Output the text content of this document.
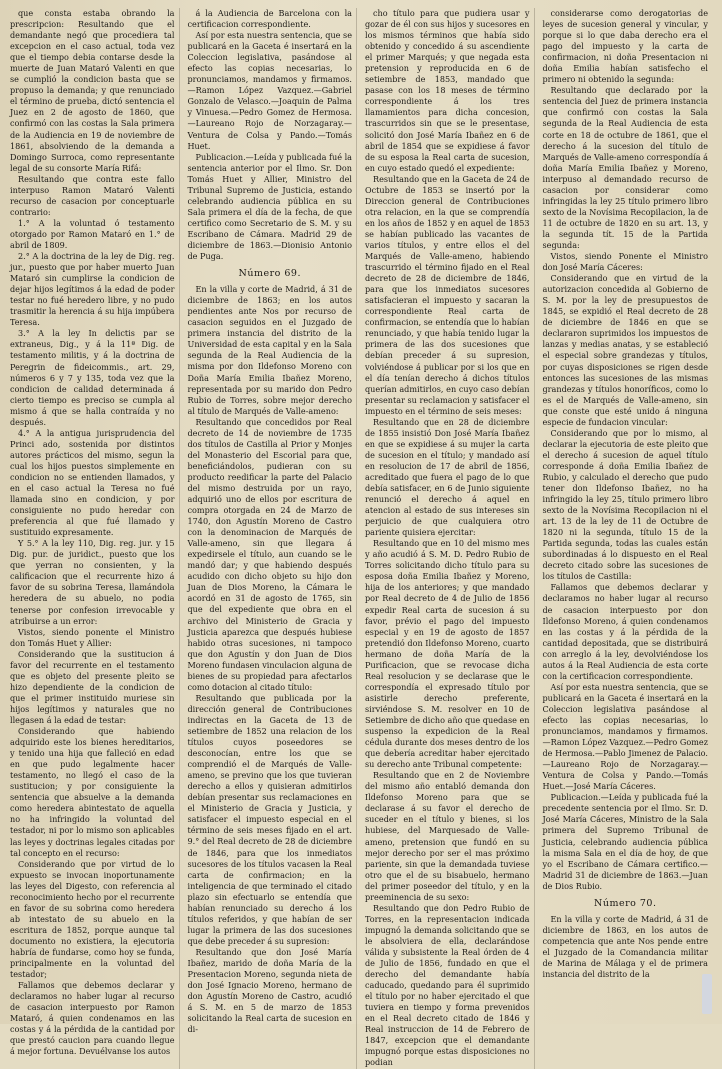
que consta estaba obrando la prescripcion: Resultando que el demandante negó que procediera tal excepcion en el caso actual, toda vez que el tiempo debia contarse desde la muerte de Juan Mataró Valenti en que se cumplió la condicion basta que se propuso la demanda; y que renunciado el término de prueba, dictó sentencia el Juez en 2 de agosto de 1860, que confirmó con las costas la Sala primera de la Audiencia en 19 de noviembre de 1861, absolviendo de la demanda a Domingo Surroca, como representante legal de su consorte María Rifá:

Resultando que contra este fallo interpuso Ramon Mataró Valenti recurso de casacion por conceptuarle contrario:

1.° A la voluntad ó testamento otorgado por Ramon Mataró en 1.° de abril de 1809.

2.° A la doctrina de la ley de Dig. reg. jur., puesto que por haber muerto Juan Mataró sin cumplirse la condicion de dejar hijos legítimos á la edad de poder testar no fué heredero libre, y no pudo trasmitir la herencia á su hija impúbera Teresa.

3.° A la ley In delictis par se extraneus, Dig., y á la 11ª Dig. de testamento militis, y á la doctrina de Peregrin de fideicommis., art. 29, números 6 y 7 y 135, toda vez que la condicion de calidad determinada á cierto tiempo es preciso se cumpla al mismo á que se halla contraída y no después.

4.° A la antigua jurisprudencia del Princi ado, sostenida por distintos autores prácticos del mismo, segun la cual los hijos puestos simplemente en condicion no se entienden llamados, y en el caso actual la Teresa no fué llamada sino en condicion, y por consiguiente no pudo heredar con preferencia al que fué llamado y sustituido expresamente.

Y 5.° A la ley 110, Dig. reg. jur. y 15 Dig. pur. de juridict., puesto que los que yerran no consienten, y la calificacion que el recurrente hizo á favor de su sobrina Teresa, llamándola heredera de su abuelo, no podia tenerse por confesion irrevocable y atribuirse a un error:

Vistos, siendo ponente el Ministro don Tomás Huet y Allier:

Considerando que la sustitucion á favor del recurrente en el testamento que es objeto del presente pleito se hizo dependiente de la condicion de que el primer instituido muriese sin hijos legítimos y naturales que no llegasen á la edad de testar:

Considerando que habiendo adquirido este los bienes hereditarios, y tenido una hija que falleció en edad en que pudo legalmente hacer testamento, no llegó el caso de la sustitucion; y por consiguiente la sentencia que absuelve a la demanda como heredera abintestato de aquella no ha infringido la voluntad del testador, ni por lo mismo son aplicables las leyes y doctrinas legales citadas por tal concepto en el recurso:

Considerando que por virtud de lo expuesto se invocan inoportunamente las leyes del Digesto, con referencia al reconocimiento hecho por el recurrente en favor de su sobrina como heredera ab intestato de su abuelo en la escritura de 1852, porque aunque tal documento no existiera, la ejecutoria habría de fundarse, como hoy se funda, principalmente en la voluntad del testador;

Fallamos que debemos declarar y declaramos no haber lugar al recurso de casacion interpuesto por Ramon Mataró, á quien condenamos en las costas y á la pérdida de la cantidad por que prestó caucion para cuando llegue á mejor fortuna. Devuélvanse los autos

á la Audiencia de Barcelona con la certificacion correspondiente.

Así por esta nuestra sentencia, que se publicará en la Gaceta é insertará en la Coleccion legislativa, pasándose al efecto las copias necesarias, lo pronunciamos, mandamos y firmamos.—Ramon López Vazquez.—Gabriel Gonzalo de Velasco.—Joaquin de Palma y Vinuesa.—Pedro Gomez de Hermosa.—Laureano Rojo de Norzagaray.—Ventura de Colsa y Pando.—Tomás Huet.

Publicacion.—Leída y publicada fué la sentencia anterior por el Ilmo. Sr. Don Tomás Huet y Allier, Ministro del Tribunal Supremo de Justicia, estando celebrando audiencia pública en su Sala primera el día de la fecha, de que certifico como Secretario de S. M. y su Escribano de Cámara. Madrid 29 de diciembre de 1863.—Dionisio Antonio de Puga.

Número 69.

En la villa y corte de Madrid, á 31 de diciembre de 1863; en los autos pendientes ante Nos por recurso de casacion seguidos en el Juzgado de primera instancia del distrito de la Universidad de esta capital y en la Sala segunda de la Real Audiencia de la misma por don Ildefonso Moreno con Doña María Emilia Ibañez Moreno, representada por su marido don Pedro Rubio de Torres, sobre mejor derecho al título de Marqués de Valle-ameno:

Resultando que concedidos por Real decreto de 14 de noviembre de 1735 dos títulos de Castilla al Prior y Monjes del Monasterio del Escorial para que, beneficiándolos, pudieran con su producto reedificar la parte del Palacio del mismo destruida por un rayo, adquirió uno de ellos por escritura de compra otorgada en 24 de Marzo de 1740, don Agustín Moreno de Castro con la denominacion de Marqués de Valle-ameno, sin que llegara á expedirsele el título, aun cuando se le mandó dar; y que habiendo después acudido con dicho objeto su hijo don Juan de Dios Moreno, la Cámara le acordó en 31 de agosto de 1765, sin que del expediente que obra en el archivo del Ministerio de Gracia y Justicia aparezca que después hubiese habido otras sucesiones, ni tampoco que don Agustín y don Juan de Dios Moreno fundasen vinculacion alguna de bienes de su propiedad para afectarlos como dotacion al citado título:

Resultando que publicada por la dirección general de Contribuciones indirectas en la Gaceta de 13 de setiembre de 1852 una relacion de los títulos cuyos poseedores se desconocían, entre los que se comprendió el de Marqués de Valle-ameno, se previno que los que tuvieran derecho a ellos y quisieran admitirlos debían presentar sus reclamaciones en el Ministerio de Gracia y Justicia, y satisfacer el impuesto especial en el término de seis meses fijado en el art. 9.° del Real decreto de 28 de diciembre de 1846, para que los inmediatos sucesores de los títulos vacasen la Real carta de confirmacion; en la inteligencia de que terminado el citado plazo sin efectuarlo se entendía que habían renunciado su derecho á los títulos referidos, y que habían de ser lugar la primera de las dos sucesiones que debe preceder á su supresion:

Resultando que don José María Ibañez, marido de doña María de la Presentacion Moreno, segunda nieta de don José Ignacio Moreno, hermano de don Agustín Moreno de Castro, acudió á S. M. en 5 de marzo de 1853 solicitando la Real carta de sucesion en di-

cho título para que pudiera usar y gozar de él con sus hijos y sucesores en los mismos términos que había sido obtenido y concedido á su ascendiente el primer Marqués; y que negada esta pretension y reproducida en 6 de setiembre de 1853, mandado que pasase con los 18 meses de término correspondiente á los tres llamamientos para dicha concesion, trascurridos sin que se le presentase, solicitó don José María Ibañez en 6 de abril de 1854 que se expidiese á favor de su esposa la Real carta de sucesion, en cuyo estado quedó el expediente:

Resultando que en la Gaceta de 24 de Octubre de 1853 se insertó por la Direccion general de Contribuciones otra relacion, en la que se comprendía en los años de 1852 y en aquel de 1853 se habían publicado las vacantes de varios títulos, y entre ellos el del Marqués de Valle-ameno, habiendo trascurrido el término fijado en el Real decreto de 28 de diciembre de 1846, para que los inmediatos sucesores satisfacieran el impuesto y sacaran la correspondiente Real carta de confirmacion, se entendía que lo habían renunciado, y que había tenido lugar la primera de las dos sucesiones que debían preceder á su supresion, volviéndose á publicar por si los que en el día tenían derecho á dichos títulos querían admitirlos, en cuyo caso debían presentar su reclamacion y satisfacer el impuesto en el término de seis meses:

Resultando que en 28 de diciembre de 1855 insistió Don José María Ibañez en que se expidiese á su mujer la carta de sucesion en el título; y mandado así en resolucion de 17 de abril de 1856, acreditado que fuera el pago de lo que debía satisfacer, en 6 de Junio siguiente renunció el derecho á aquel en atencion al estado de sus intereses sin perjuicio de que cualquiera otro pariente quisiera ejercitar:

Resultando que en 10 del mismo mes y año acudió á S. M. D. Pedro Rubio de Torres solicitando dicho título para su esposa doña Emilia Ibañez y Moreno, hija de los anteriores; y que mandado por Real decreto de 4 de Julio de 1856 expedir Real carta de sucesion á su favor, prévio el pago del impuesto especial y en 19 de agosto de 1857 pretendió don Ildefonso Moreno, cuarto hermano de doña María de la Purificacion, que se revocase dicha Real resolucion y se declarase que le correspondía el expresado título por asistirle derecho preferente, sirviéndose S. M. resolver en 10 de Setiembre de dicho año que quedase en suspenso la expedicion de la Real cédula durante dos meses dentro de los que debería acreditar haber ejercitado su derecho ante Tribunal competente:

Resultando que en 2 de Noviembre del mismo año entabló demanda don Ildefonso Moreno para que se declarase á su favor el derecho de suceder en el título y bienes, si los hubiese, del Marquesado de Valle-ameno, pretension que fundó en su mejor derecho por ser el mas próximo pariente, sin que la demandada tuviese otro que el de su bisabuelo, hermano del primer poseedor del título, y en la preeminencia de su sexo:

Resultando que don Pedro Rubio de Torres, en la representacion indicada impugnó la demanda solicitando que se le absolviera de ella, declarándose válida y subsistente la Real órden de 4 de Julio de 1856, fundado en que el derecho del demandante había caducado, quedando para él suprimido el título por no haber ejercitado el que tuviera en tiempo y forma prevenidos en el Real decreto citado de 1846 y Real instruccion de 14 de Febrero de 1847, excepcion que el demandante impugnó porque estas disposiciones no podian

considerarse como derogatorias de leyes de sucesion general y vincular, y porque si lo que daba derecho era el pago del impuesto y la carta de confirmacion, ni doña Presentacion ni doña Emilia habían satisfecho el primero ni obtenido la segunda:

Resultando que declarado por la sentencia del Juez de primera instancia que confirmó con costas la Sala segunda de la Real Audiencia de esta corte en 18 de octubre de 1861, que el derecho á la sucesion del título de Marqués de Valle-ameno correspondía á doña María Emilia Ibañez y Moreno, interpuso al demandado recurso de casacion por considerar como infringidas la ley 25 título primero libro sexto de la Novísima Recopilacion, la de 11 de octubre de 1820 en su art. 13, y la segunda tít. 15 de la Partida segunda:

Vistos, siendo Ponente el Ministro don José María Cáceres:

Considerando que en virtud de la autorizacion concedida al Gobierno de S. M. por la ley de presupuestos de 1845, se expidió el Real decreto de 28 de diciembre de 1846 en que se declararon suprimidos los impuestos de lanzas y medias anatas, y se estableció el especial sobre grandezas y títulos, por cuyas disposiciones se rigen desde entonces las sucesiones de las mismas grandezas y títulos honoríficos, como lo es el de Marqués de Valle-ameno, sin que conste que esté unido á ninguna especie de fundacion vincular:

Considerando que por lo mismo, al declarar la ejecutoria de este pleito que el derecho á sucesion de aquel título corresponde á doña Emilia Ibañez de Rubio, y calculado el derecho que pudo tener don Ildefonso Ibañez, no ha infringido la ley 25, título primero libro sexto de la Novísima Recopilacion ni el art. 13 de la ley de 11 de Octubre de 1820 ni la segunda, título 15 de la Partida segunda, todas las cuales están subordinadas á lo dispuesto en el Real decreto citado sobre las sucesiones de los títulos de Castilla:

Fallamos que debemos declarar y declaramos no haber lugar al recurso de casacion interpuesto por don Ildefonso Moreno, á quien condenamos en las costas y á la pérdida de la cantidad depositada, que se distribuirá con arreglo á la ley, devolviéndose los autos á la Real Audiencia de esta corte con la certificacion correspondiente.

Así por esta nuestra sentencia, que se publicará en la Gaceta é insertará en la Coleccion legislativa pasándose al efecto las copias necesarias, lo pronunciamos, mandamos y firmamos.—Ramon López Vazquez.—Pedro Gomez de Hermosa.—Pablo Jimenez de Palacio.—Laureano Rojo de Norzagaray.—Ventura de Colsa y Pando.—Tomás Huet.—José María Cáceres.

Publicacion.—Leída y publicada fué la precedente sentencia por el Ilmo. Sr. D. José María Cáceres, Ministro de la Sala primera del Supremo Tribunal de Justicia, celebrando audiencia pública la misma Sala en el día de hoy, de que yo el Escribano de Cámara certifico.—Madrid 31 de diciembre de 1863.—Juan de Dios Rubio.

Número 70.

En la villa y corte de Madrid, á 31 de diciembre de 1863, en los autos de competencia que ante Nos pende entre el Juzgado de la Comandancia militar de Marina de Málaga y el de primera instancia del distrito de la
